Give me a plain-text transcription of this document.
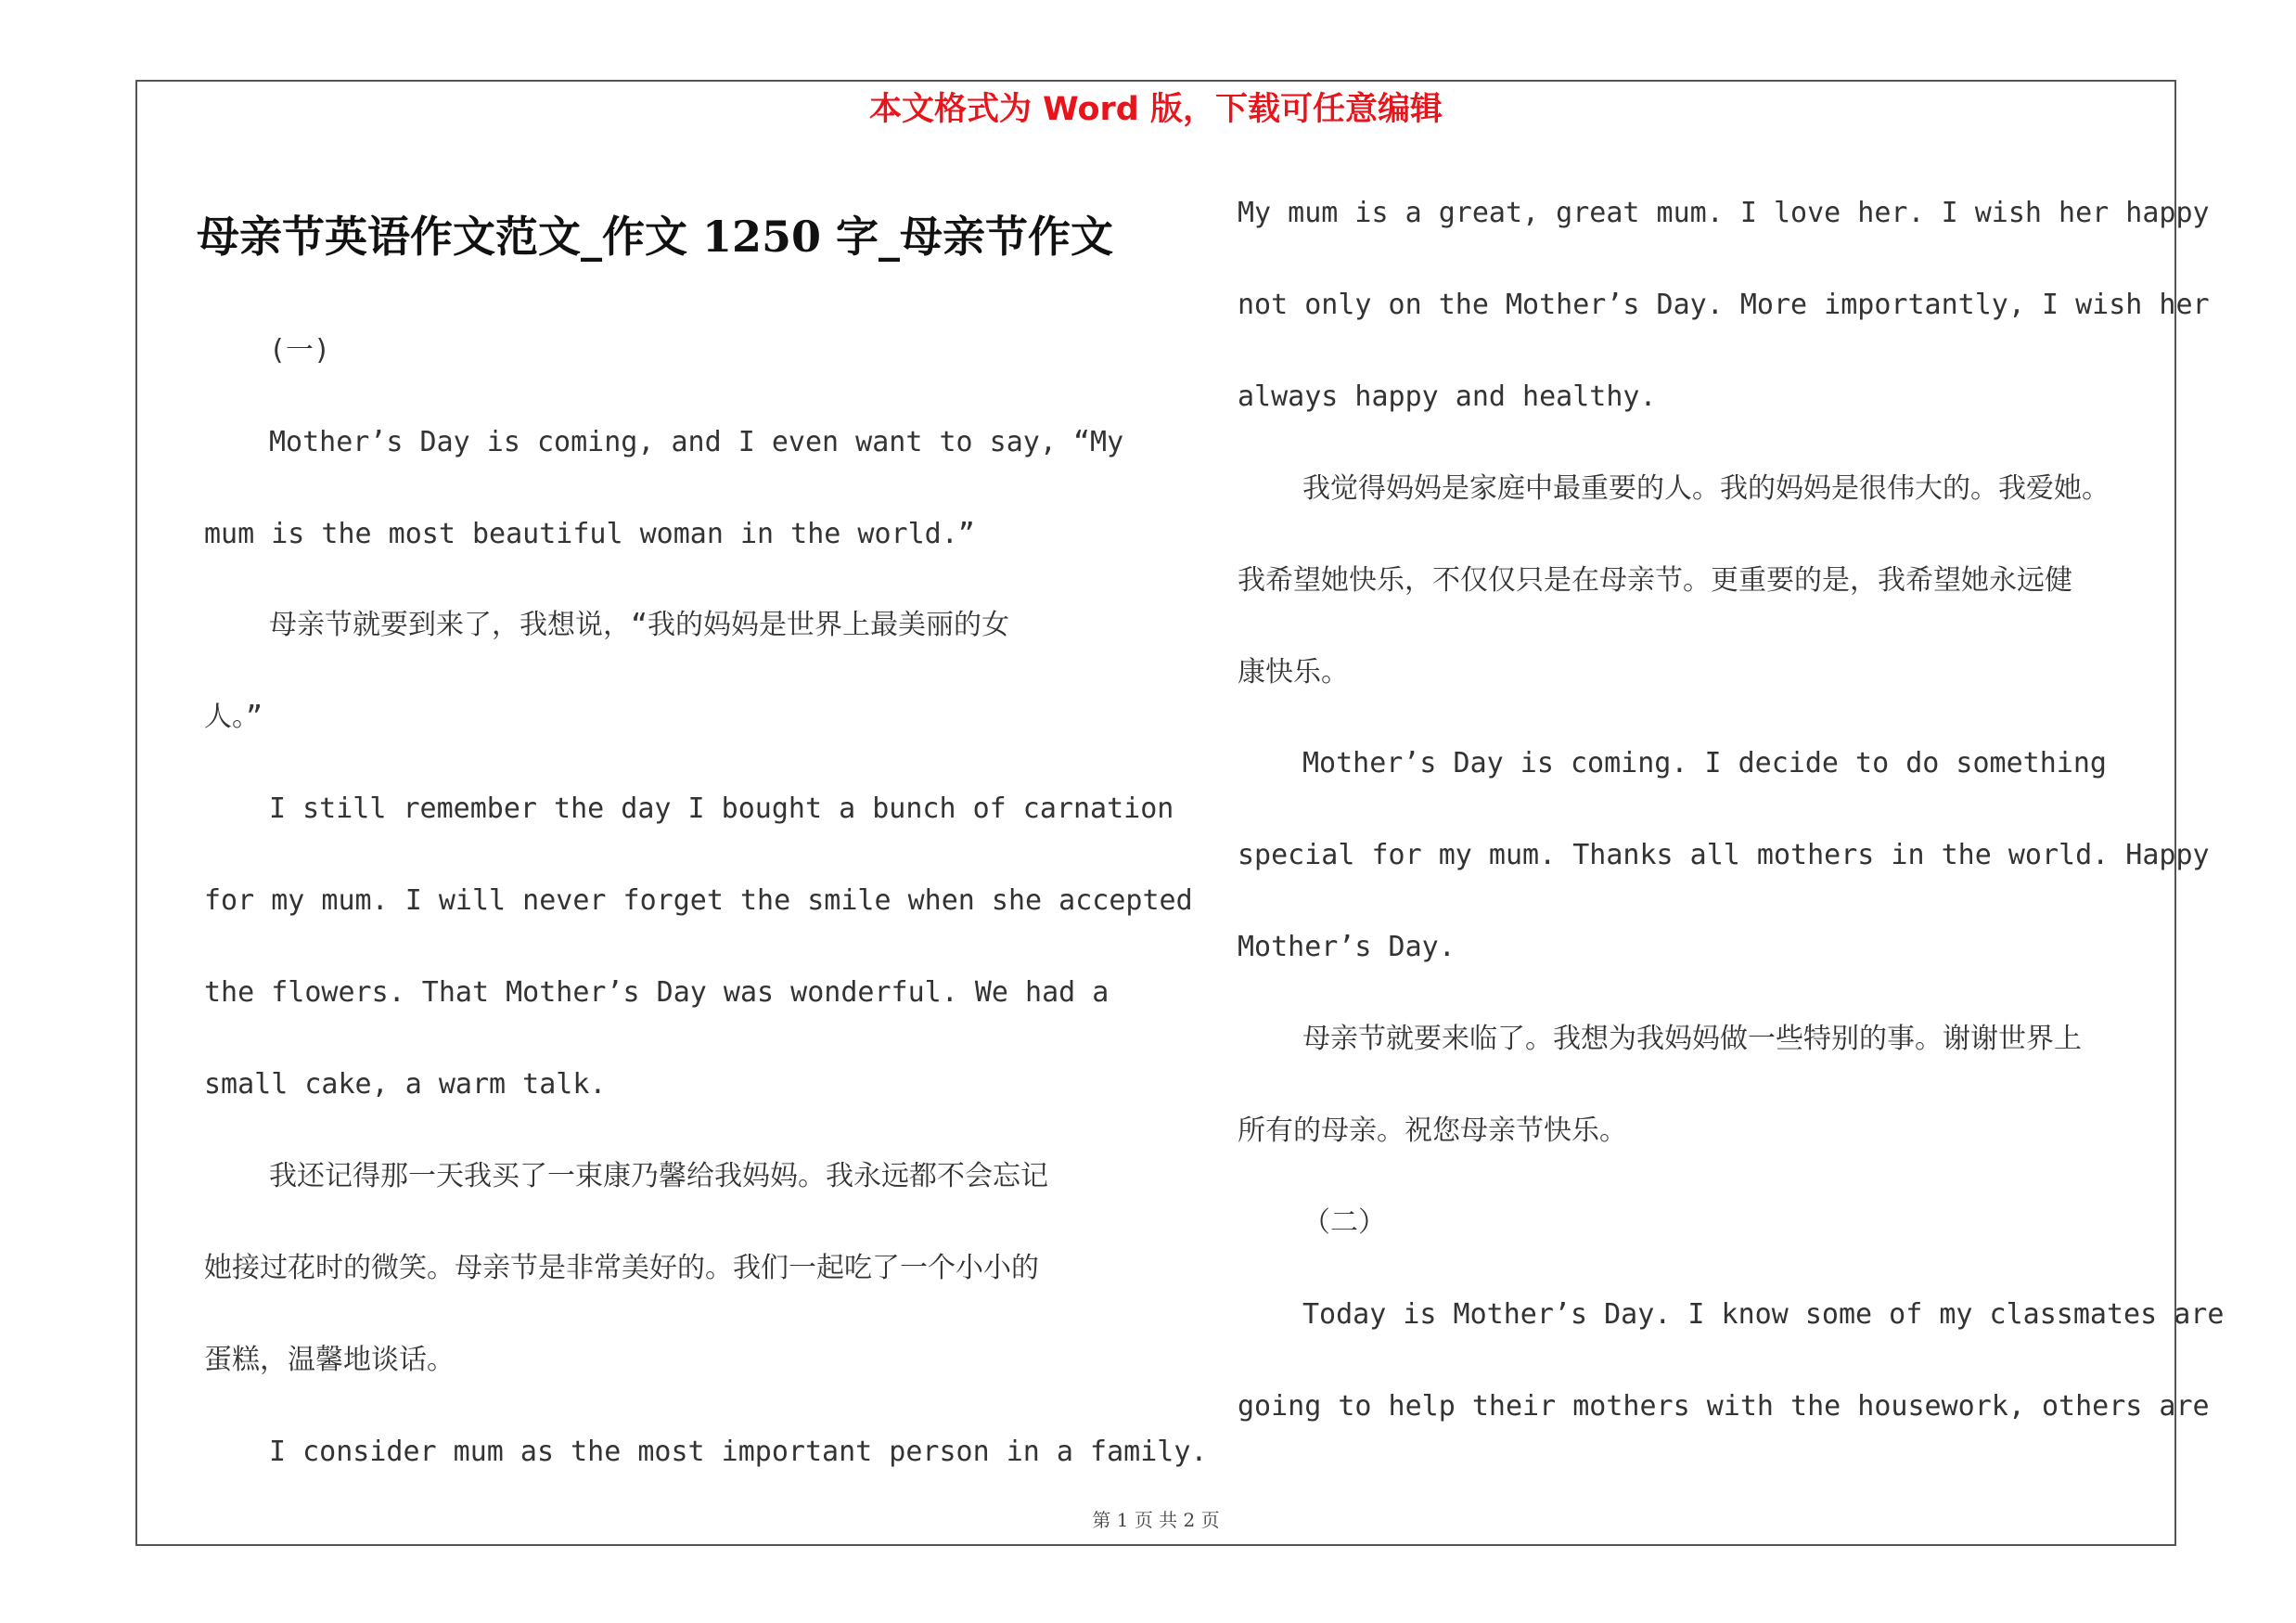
本文格式为 Word 版，下载可任意编辑
母亲节英语作文范文_作文 1250 字_母亲节作文
(一)
Mother’s Day is coming, and I even want to say, “My
mum is the most beautiful woman in the world.”
母亲节就要到来了，我想说，“我的妈妈是世界上最美丽的女
人。”
I still remember the day I bought a bunch of carnation
for my mum. I will never forget the smile when she accepted
the flowers. That Mother’s Day was wonderful. We had a
small cake, a warm talk.
我还记得那一天我买了一束康乃馨给我妈妈。我永远都不会忘记
她接过花时的微笑。母亲节是非常美好的。我们一起吃了一个小小的
蛋糕，温馨地谈话。
I consider mum as the most important person in a family.
My mum is a great, great mum. I love her. I wish her happy
not only on the Mother’s Day. More importantly, I wish her
always happy and healthy.
我觉得妈妈是家庭中最重要的人。我的妈妈是很伟大的。我爱她。
我希望她快乐，不仅仅只是在母亲节。更重要的是，我希望她永远健
康快乐。
Mother’s Day is coming. I decide to do something
special for my mum. Thanks all mothers in the world. Happy
Mother’s Day.
母亲节就要来临了。我想为我妈妈做一些特别的事。谢谢世界上
所有的母亲。祝您母亲节快乐。
（二）
Today is Mother’s Day. I know some of my classmates are
going to help their mothers with the housework, others are
第 1 页 共 2 页
